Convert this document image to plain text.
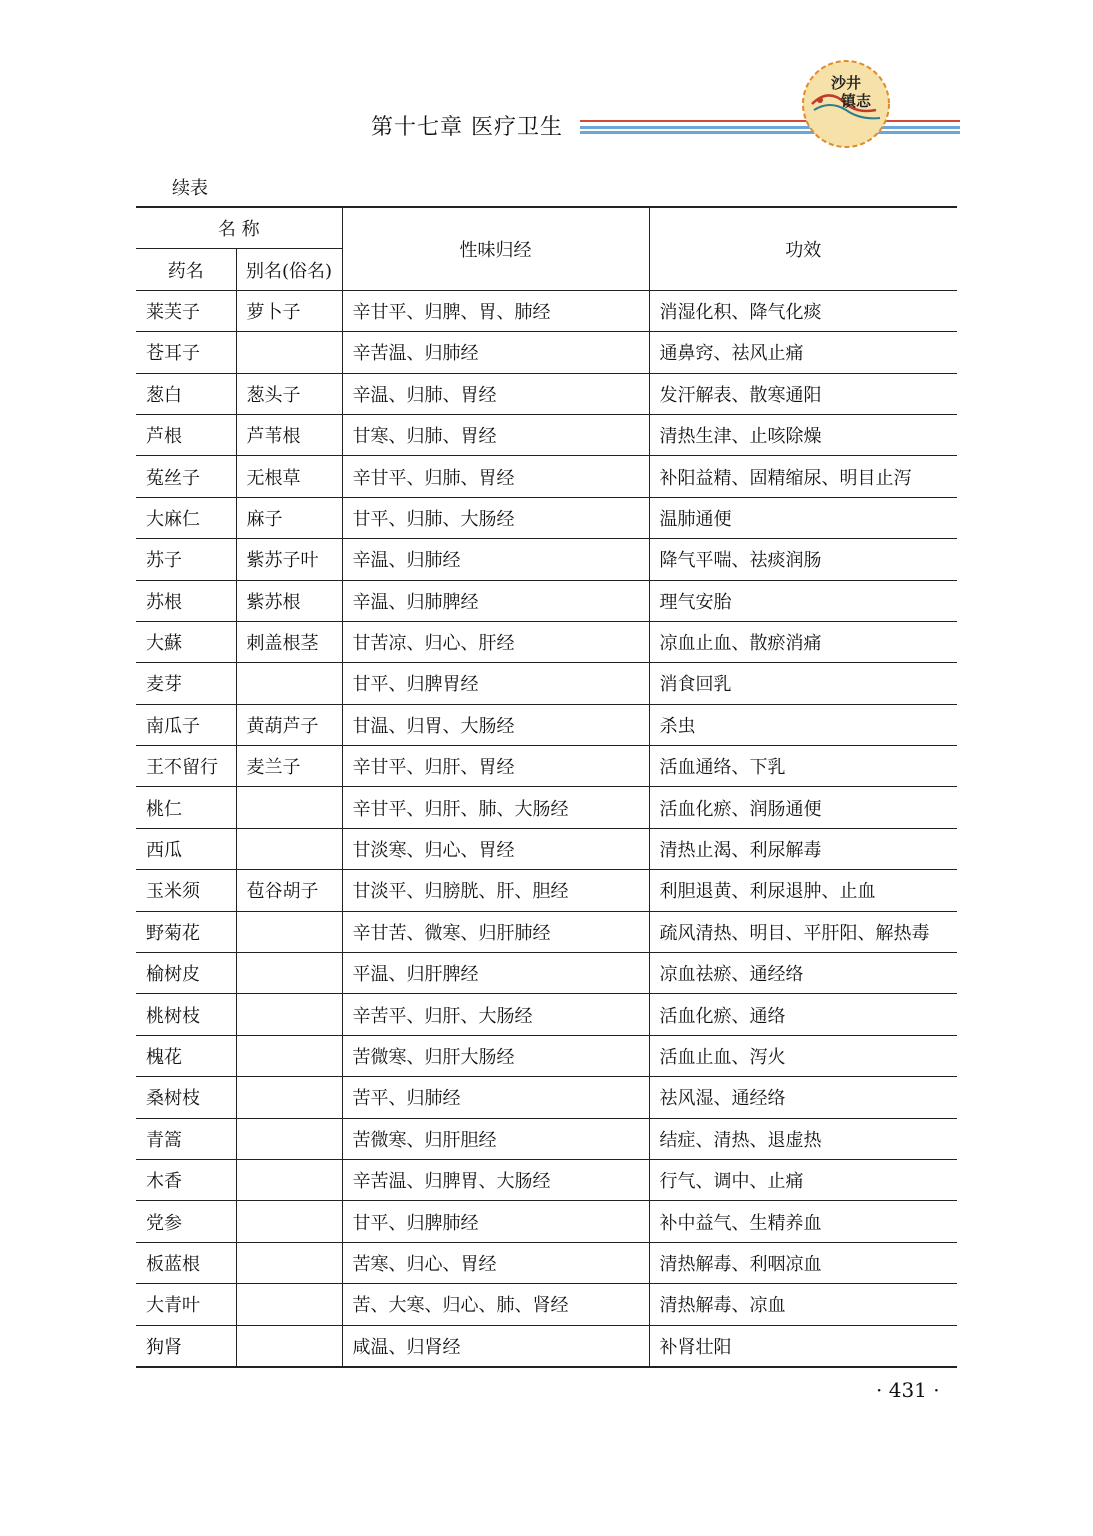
第十七章 医疗卫生
沙井
镇志
续表
名 称		性味归经	功效
药名	别名(俗名)		
莱芙子	萝卜子	辛甘平、归脾、胃、肺经	消湿化积、降气化痰
苍耳子		辛苦温、归肺经	通鼻窍、祛风止痛
葱白	葱头子	辛温、归肺、胃经	发汗解表、散寒通阳
芦根	芦苇根	甘寒、归肺、胃经	清热生津、止咳除燥
菟丝子	无根草	辛甘平、归肺、胃经	补阳益精、固精缩尿、明目止泻
大麻仁	麻子	甘平、归肺、大肠经	温肺通便
苏子	紫苏子叶	辛温、归肺经	降气平喘、祛痰润肠
苏根	紫苏根	辛温、归肺脾经	理气安胎
大蘇	刺盖根茎	甘苦凉、归心、肝经	凉血止血、散瘀消痛
麦芽		甘平、归脾胃经	消食回乳
南瓜子	黄葫芦子	甘温、归胃、大肠经	杀虫
王不留行	麦兰子	辛甘平、归肝、胃经	活血通络、下乳
桃仁		辛甘平、归肝、肺、大肠经	活血化瘀、润肠通便
西瓜		甘淡寒、归心、胃经	清热止渴、利尿解毒
玉米须	苞谷胡子	甘淡平、归膀胱、肝、胆经	利胆退黄、利尿退肿、止血
野菊花		辛甘苦、微寒、归肝肺经	疏风清热、明目、平肝阳、解热毒
榆树皮		平温、归肝脾经	凉血祛瘀、通经络
桃树枝		辛苦平、归肝、大肠经	活血化瘀、通络
槐花		苦微寒、归肝大肠经	活血止血、泻火
桑树枝		苦平、归肺经	祛风湿、通经络
青篙		苦微寒、归肝胆经	结症、清热、退虚热
木香		辛苦温、归脾胃、大肠经	行气、调中、止痛
党参		甘平、归脾肺经	补中益气、生精养血
板蓝根		苦寒、归心、胃经	清热解毒、利咽凉血
大青叶		苦、大寒、归心、肺、肾经	清热解毒、凉血
狗肾		咸温、归肾经	补肾壮阳
· 431 ·
